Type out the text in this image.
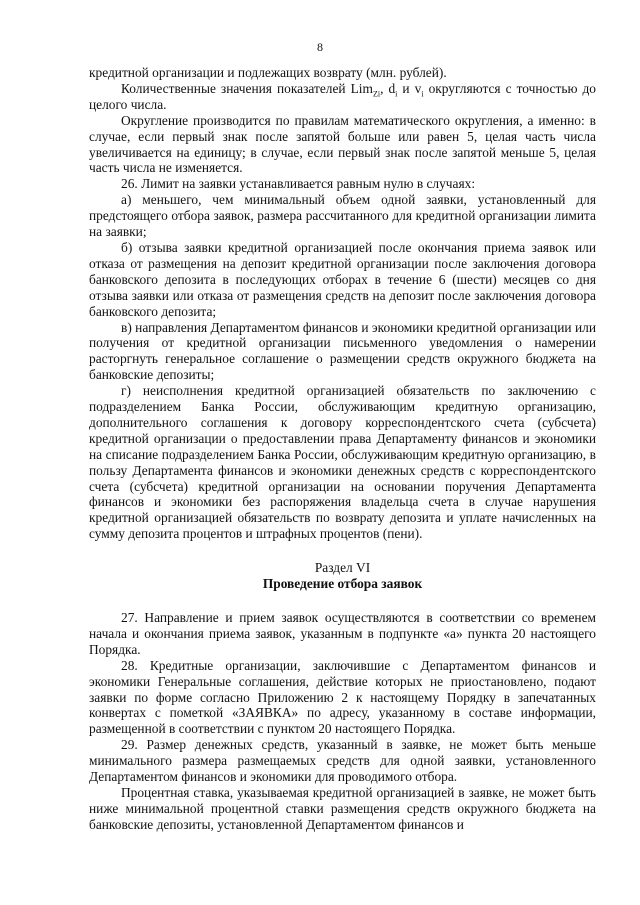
8

кредитной организации и подлежащих возврату (млн. рублей).

Количественные значения показателей Lim$_{Zi}$, $d_i$ и $v_i$ округляются с точностью до целого числа.

Округление производится по правилам математического округления, а именно: в случае, если первый знак после запятой больше или равен 5, целая часть числа увеличивается на единицу; в случае, если первый знак после запятой меньше 5, целая часть числа не изменяется.

26. Лимит на заявки устанавливается равным нулю в случаях:

а) меньшего, чем минимальный объем одной заявки, установленный для предстоящего отбора заявок, размера рассчитанного для кредитной организации лимита на заявки;

б) отзыва заявки кредитной организацией после окончания приема заявок или отказа от размещения на депозит кредитной организации после заключения договора банковского депозита в последующих отборах в течение 6 (шести) месяцев со дня отзыва заявки или отказа от размещения средств на депозит после заключения договора банковского депозита;

в) направления Департаментом финансов и экономики кредитной организации или получения от кредитной организации письменного уведомления о намерении расторгнуть генеральное соглашение о размещении средств окружного бюджета на банковские депозиты;

г) неисполнения кредитной организацией обязательств по заключению с подразделением Банка России, обслуживающим кредитную организацию, дополнительного соглашения к договору корреспондентского счета (субсчета) кредитной организации о предоставлении права Департаменту финансов и экономики на списание подразделением Банка России, обслуживающим кредитную организацию, в пользу Департамента финансов и экономики денежных средств с корреспондентского счета (субсчета) кредитной организации на основании поручения Департамента финансов и экономики без распоряжения владельца счета в случае нарушения кредитной организацией обязательств по возврату депозита и уплате начисленных на сумму депозита процентов и штрафных процентов (пени).

Раздел VI

Проведение отбора заявок

27. Направление и прием заявок осуществляются в соответствии со временем начала и окончания приема заявок, указанным в подпункте «а» пункта 20 настоящего Порядка.

28. Кредитные организации, заключившие с Департаментом финансов и экономики Генеральные соглашения, действие которых не приостановлено, подают заявки по форме согласно Приложению 2 к настоящему Порядку в запечатанных конвертах с пометкой «ЗАЯВКА» по адресу, указанному в составе информации, размещенной в соответствии с пунктом 20 настоящего Порядка.

29. Размер денежных средств, указанный в заявке, не может быть меньше минимального размера размещаемых средств для одной заявки, установленного Департаментом финансов и экономики для проводимого отбора.

Процентная ставка, указываемая кредитной организацией в заявке, не может быть ниже минимальной процентной ставки размещения средств окружного бюджета на банковские депозиты, установленной Департаментом финансов и
